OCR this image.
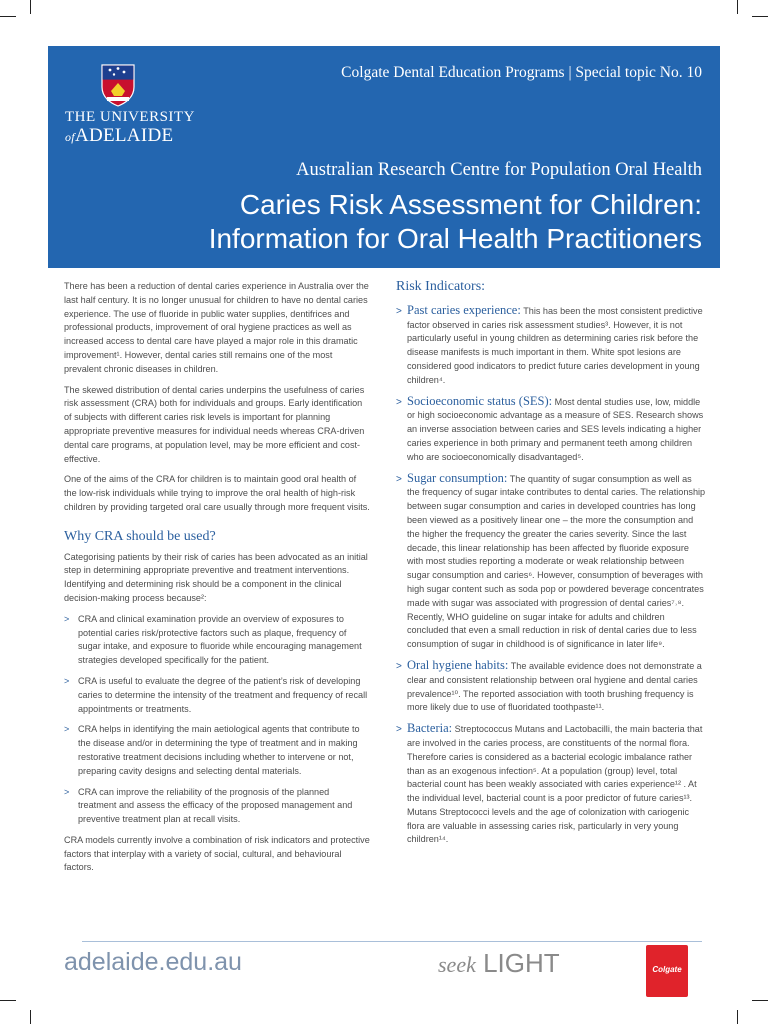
THE UNIVERSITY
ofADELAIDE
Colgate Dental Education Programs | Special topic No. 10
Australian Research Centre for Population Oral Health
Caries Risk Assessment for Children:
Information for Oral Health Practitioners

There has been a reduction of dental caries experience in Australia over the last half century. It is no longer unusual for children to have no dental caries experience. The use of fluoride in public water supplies, dentifrices and professional products, improvement of oral hygiene practices as well as increased access to dental care have played a major role in this dramatic improvement¹. However, dental caries still remains one of the most prevalent chronic diseases in children.

The skewed distribution of dental caries underpins the usefulness of caries risk assessment (CRA) both for individuals and groups. Early identification of subjects with different caries risk levels is important for planning appropriate preventive measures for individual needs whereas CRA-driven dental care programs, at population level, may be more efficient and cost-effective.

One of the aims of the CRA for children is to maintain good oral health of the low-risk individuals while trying to improve the oral health of high-risk children by providing targeted oral care usually through more frequent visits.

Why CRA should be used?

Categorising patients by their risk of caries has been advocated as an initial step in determining appropriate preventive and treatment interventions. Identifying and determining risk should be a component in the clinical decision-making process because²:

> CRA and clinical examination provide an overview of exposures to potential caries risk/protective factors such as plaque, frequency of sugar intake, and exposure to fluoride while encouraging management strategies developed specifically for the patient.
> CRA is useful to evaluate the degree of the patient’s risk of developing caries to determine the intensity of the treatment and frequency of recall appointments or treatments.
> CRA helps in identifying the main aetiological agents that contribute to the disease and/or in determining the type of treatment and in making restorative treatment decisions including whether to intervene or not, preparing cavity designs and selecting dental materials.
> CRA can improve the reliability of the prognosis of the planned treatment and assess the efficacy of the proposed management and preventive treatment plan at recall visits.

CRA models currently involve a combination of risk indicators and protective factors that interplay with a variety of social, cultural, and behavioural factors.

Risk Indicators:
> Past caries experience: This has been the most consistent predictive factor observed in caries risk assessment studies³. However, it is not particularly useful in young children as determining caries risk before the disease manifests is much important in them. White spot lesions are considered good indicators to predict future caries development in young children⁴.
> Socioeconomic status (SES): Most dental studies use, low, middle or high socioeconomic advantage as a measure of SES. Research shows an inverse association between caries and SES levels indicating a higher caries experience in both primary and permanent teeth among children who are socioeconomically disadvantaged⁵.
> Sugar consumption: The quantity of sugar consumption as well as the frequency of sugar intake contributes to dental caries. The relationship between sugar consumption and caries in developed countries has long been viewed as a positively linear one – the more the consumption and the higher the frequency the greater the caries severity. Since the last decade, this linear relationship has been affected by fluoride exposure with most studies reporting a moderate or weak relationship between sugar consumption and caries⁶. However, consumption of beverages with high sugar content such as soda pop or powdered beverage concentrates made with sugar was associated with progression of dental caries⁷˒⁸. Recently, WHO guideline on sugar intake for adults and children concluded that even a small reduction in risk of dental caries due to less consumption of sugar in childhood is of significance in later life⁹.
> Oral hygiene habits: The available evidence does not demonstrate a clear and consistent relationship between oral hygiene and dental caries prevalence¹⁰. The reported association with tooth brushing frequency is more likely due to use of fluoridated toothpaste¹¹.
> Bacteria: Streptococcus Mutans and Lactobacilli, the main bacteria that are involved in the caries process, are constituents of the normal flora. Therefore caries is considered as a bacterial ecologic imbalance rather than as an exogenous infection⁵. At a population (group) level, total bacterial count has been weakly associated with caries experience¹² . At the individual level, bacterial count is a poor predictor of future caries¹³. Mutans Streptococci levels and the age of colonization with cariogenic flora are valuable in assessing caries risk, particularly in very young children¹⁴.
adelaide.edu.au	seek LIGHT	Colgate
